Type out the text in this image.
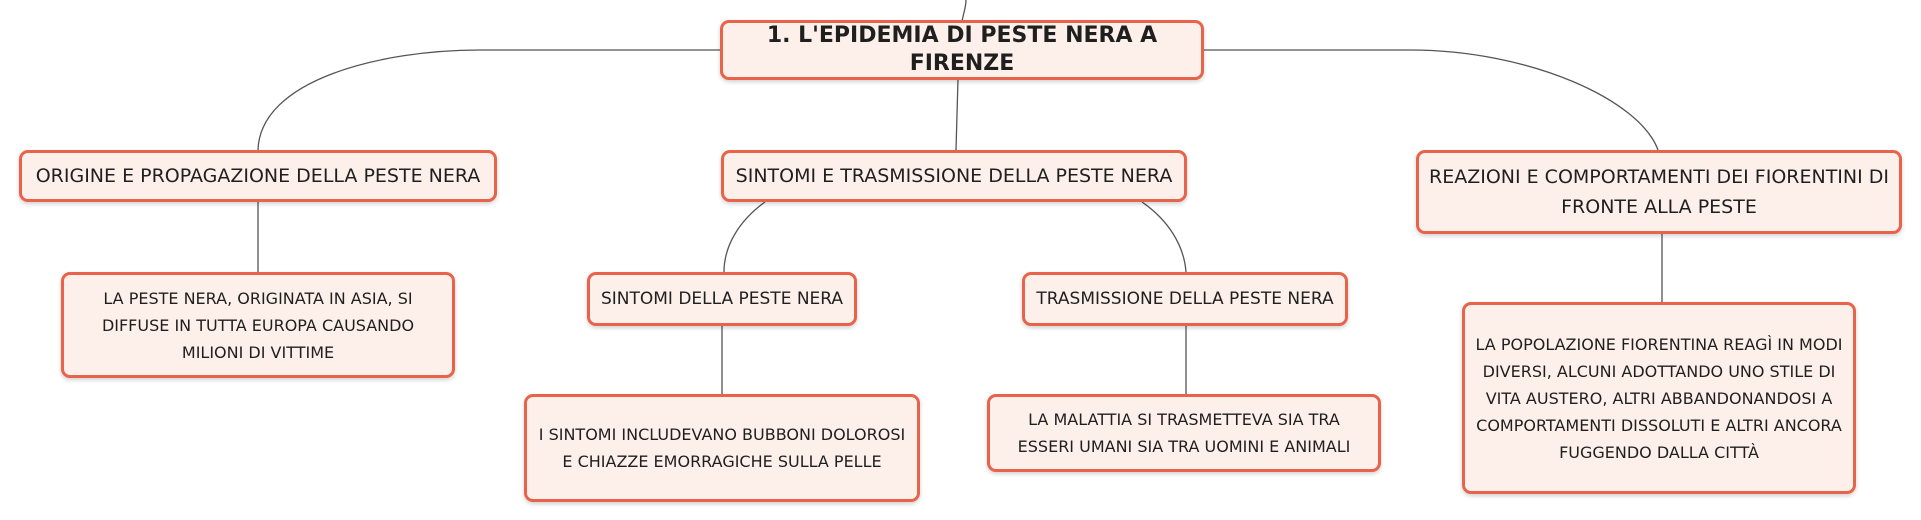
1. L'EPIDEMIA DI PESTE NERA A FIRENZE
ORIGINE E PROPAGAZIONE DELLA PESTE NERA	SINTOMI E TRASMISSIONE DELLA PESTE NERA	REAZIONI E COMPORTAMENTI DEI FIORENTINI DI FRONTE ALLA PESTE
LA PESTE NERA, ORIGINATA IN ASIA, SI DIFFUSE IN TUTTA EUROPA CAUSANDO MILIONI DI VITTIME
SINTOMI DELLA PESTE NERA	TRASMISSIONE DELLA PESTE NERA
I SINTOMI INCLUDEVANO BUBBONI DOLOROSI E CHIAZZE EMORRAGICHE SULLA PELLE
LA MALATTIA SI TRASMETTEVA SIA TRA ESSERI UMANI SIA TRA UOMINI E ANIMALI
LA POPOLAZIONE FIORENTINA REAGÌ IN MODI DIVERSI, ALCUNI ADOTTANDO UNO STILE DI VITA AUSTERO, ALTRI ABBANDONANDOSI A COMPORTAMENTI DISSOLUTI E ALTRI ANCORA FUGGENDO DALLA CITTÀ
